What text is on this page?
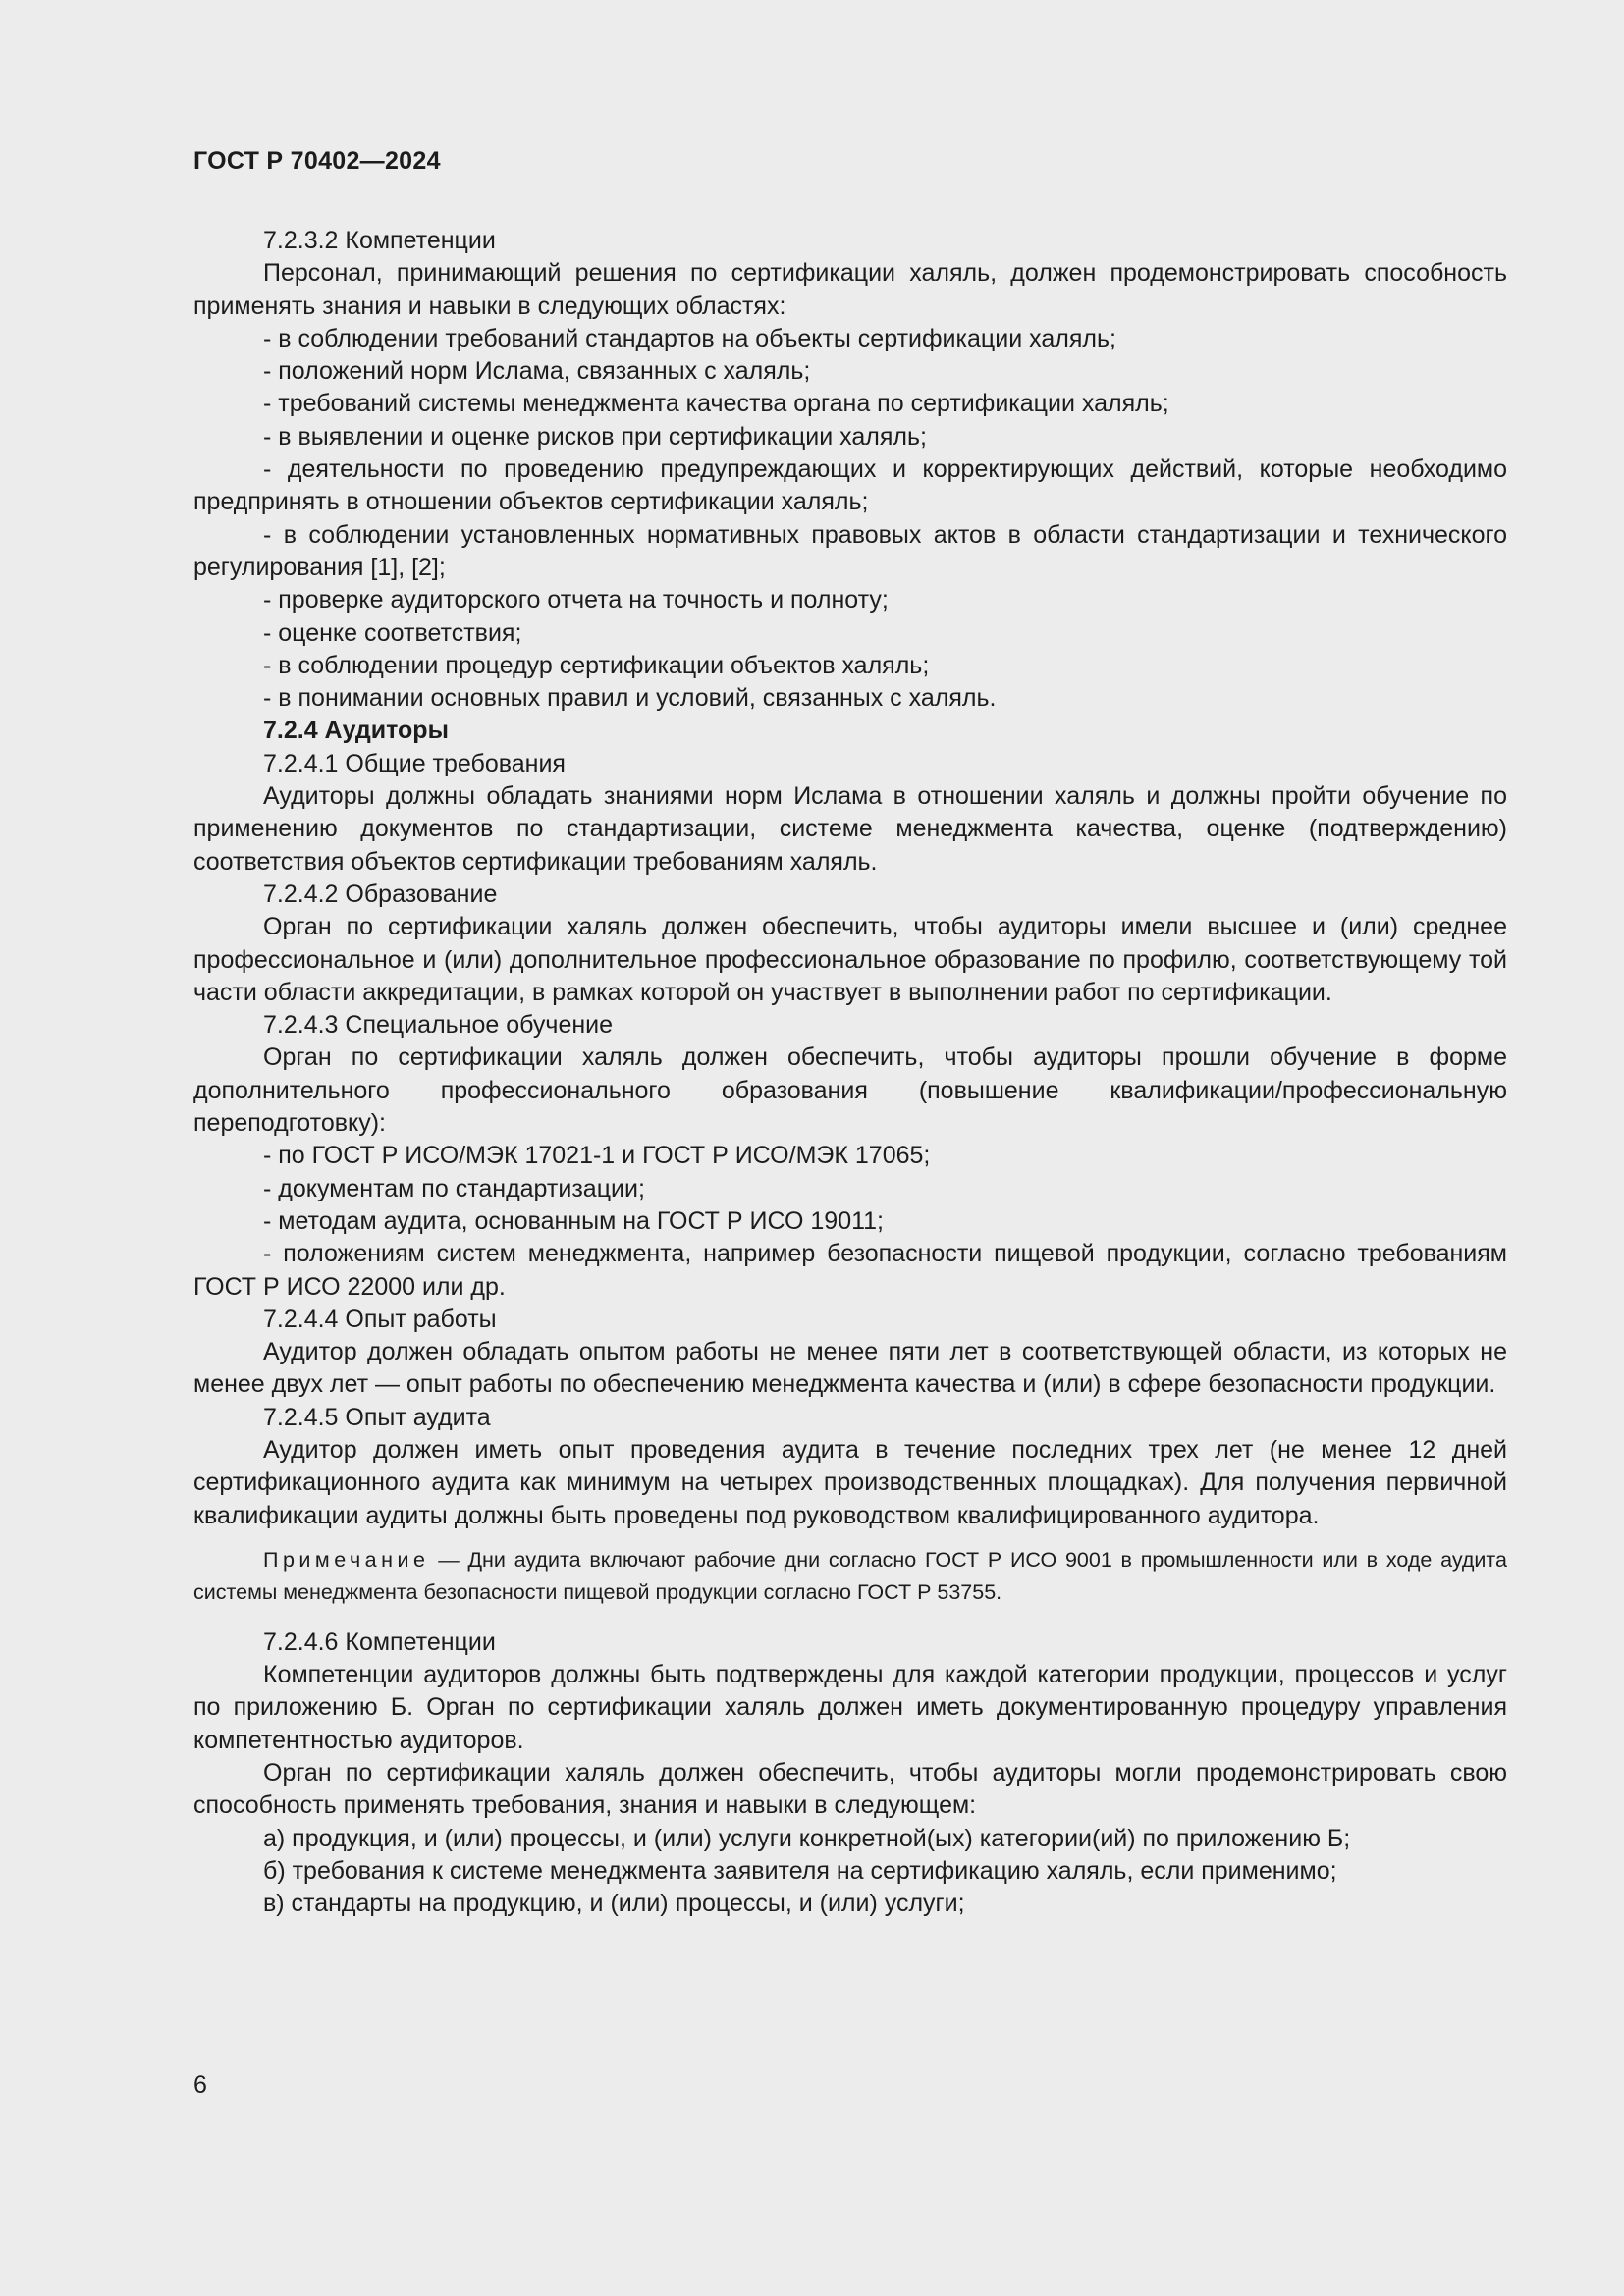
ГОСТ Р 70402—2024

7.2.3.2 Компетенции

Персонал, принимающий решения по сертификации халяль, должен продемонстрировать способность применять знания и навыки в следующих областях:

- в соблюдении требований стандартов на объекты сертификации халяль;

- положений норм Ислама, связанных с халяль;

- требований системы менеджмента качества органа по сертификации халяль;

- в выявлении и оценке рисков при сертификации халяль;

- деятельности по проведению предупреждающих и корректирующих действий, которые необходимо предпринять в отношении объектов сертификации халяль;

- в соблюдении установленных нормативных правовых актов в области стандартизации и технического регулирования [1], [2];

- проверке аудиторского отчета на точность и полноту;

- оценке соответствия;

- в соблюдении процедур сертификации объектов халяль;

- в понимании основных правил и условий, связанных с халяль.

7.2.4 Аудиторы

7.2.4.1 Общие требования

Аудиторы должны обладать знаниями норм Ислама в отношении халяль и должны пройти обучение по применению документов по стандартизации, системе менеджмента качества, оценке (подтверждению) соответствия объектов сертификации требованиям халяль.

7.2.4.2 Образование

Орган по сертификации халяль должен обеспечить, чтобы аудиторы имели высшее и (или) среднее профессиональное и (или) дополнительное профессиональное образование по профилю, соответствующему той части области аккредитации, в рамках которой он участвует в выполнении работ по сертификации.

7.2.4.3 Специальное обучение

Орган по сертификации халяль должен обеспечить, чтобы аудиторы прошли обучение в форме дополнительного профессионального образования (повышение квалификации/профессиональную переподготовку):

- по ГОСТ Р ИСО/МЭК 17021-1 и ГОСТ Р ИСО/МЭК 17065;

- документам по стандартизации;

- методам аудита, основанным на ГОСТ Р ИСО 19011;

- положениям систем менеджмента, например безопасности пищевой продукции, согласно требованиям ГОСТ Р ИСО 22000 или др.

7.2.4.4 Опыт работы

Аудитор должен обладать опытом работы не менее пяти лет в соответствующей области, из которых не менее двух лет — опыт работы по обеспечению менеджмента качества и (или) в сфере безопасности продукции.

7.2.4.5 Опыт аудита

Аудитор должен иметь опыт проведения аудита в течение последних трех лет (не менее 12 дней сертификационного аудита как минимум на четырех производственных площадках). Для получения первичной квалификации аудиты должны быть проведены под руководством квалифицированного аудитора.

Примечание — Дни аудита включают рабочие дни согласно ГОСТ Р ИСО 9001 в промышленности или в ходе аудита системы менеджмента безопасности пищевой продукции согласно ГОСТ Р 53755.

7.2.4.6 Компетенции

Компетенции аудиторов должны быть подтверждены для каждой категории продукции, процессов и услуг по приложению Б. Орган по сертификации халяль должен иметь документированную процедуру управления компетентностью аудиторов.

Орган по сертификации халяль должен обеспечить, чтобы аудиторы могли продемонстрировать свою способность применять требования, знания и навыки в следующем:

а) продукция, и (или) процессы, и (или) услуги конкретной(ых) категории(ий) по приложению Б;

б) требования к системе менеджмента заявителя на сертификацию халяль, если применимо;

в) стандарты на продукцию, и (или) процессы, и (или) услуги;

6
